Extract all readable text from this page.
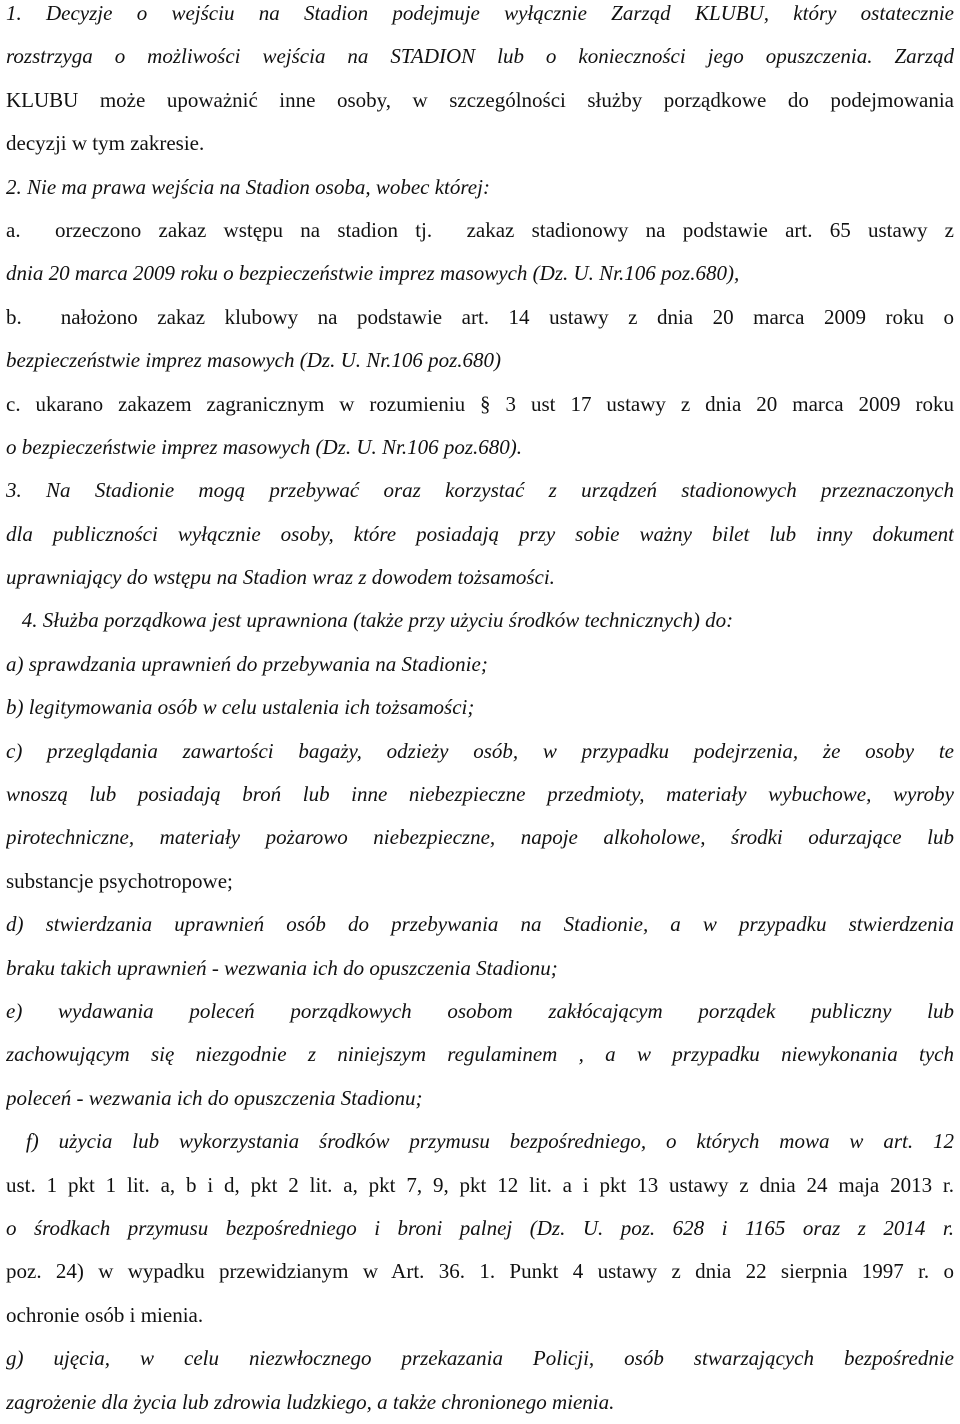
1. Decyzje o wejściu na Stadion podejmuje wyłącznie Zarząd KLUBU, który ostatecznie
rozstrzyga o możliwości wejścia na STADION lub o konieczności jego opuszczenia. Zarząd
KLUBU może upoważnić inne osoby, w szczególności służby porządkowe do podejmowania
decyzji w tym zakresie.
2. Nie ma prawa wejścia na Stadion osoba, wobec której:
a.  orzeczono zakaz wstępu na stadion tj.  zakaz stadionowy na podstawie art. 65 ustawy z
dnia 20 marca 2009 roku o bezpieczeństwie imprez masowych (Dz. U. Nr.106 poz.680),
b.  nałożono zakaz klubowy na podstawie art. 14 ustawy z dnia 20 marca 2009 roku o
bezpieczeństwie imprez masowych (Dz. U. Nr.106 poz.680)
c. ukarano zakazem zagranicznym w rozumieniu § 3 ust 17 ustawy z dnia 20 marca 2009 roku
o bezpieczeństwie imprez masowych (Dz. U. Nr.106 poz.680).
3. Na Stadionie mogą przebywać oraz korzystać z urządzeń stadionowych przeznaczonych
dla publiczności wyłącznie osoby, które posiadają przy sobie ważny bilet lub inny dokument
uprawniający do wstępu na Stadion wraz z dowodem tożsamości.
4. Służba porządkowa jest uprawniona (także przy użyciu środków technicznych) do:
a) sprawdzania uprawnień do przebywania na Stadionie;
b) legitymowania osób w celu ustalenia ich tożsamości;
c) przeglądania zawartości bagaży, odzieży osób, w przypadku podejrzenia, że osoby te
wnoszą lub posiadają broń lub inne niebezpieczne przedmioty, materiały wybuchowe, wyroby
pirotechniczne, materiały pożarowo niebezpieczne, napoje alkoholowe, środki odurzające lub
substancje psychotropowe;
d) stwierdzania uprawnień osób do przebywania na Stadionie, a w przypadku stwierdzenia
braku takich uprawnień - wezwania ich do opuszczenia Stadionu;
e) wydawania poleceń porządkowych osobom zakłócającym porządek publiczny lub
zachowującym się niezgodnie z niniejszym regulaminem , a w przypadku niewykonania tych
poleceń - wezwania ich do opuszczenia Stadionu;
f) użycia lub wykorzystania środków przymusu bezpośredniego, o których mowa w art. 12
ust. 1 pkt 1 lit. a, b i d, pkt 2 lit. a, pkt 7, 9, pkt 12 lit. a i pkt 13 ustawy z dnia 24 maja 2013 r.
o środkach przymusu bezpośredniego i broni palnej (Dz. U. poz. 628 i 1165 oraz z 2014 r.
poz. 24) w wypadku przewidzianym w Art. 36. 1. Punkt 4 ustawy z dnia 22 sierpnia 1997 r. o
ochronie osób i mienia.
g) ujęcia, w celu niezwłocznego przekazania Policji, osób stwarzających bezpośrednie
zagrożenie dla życia lub zdrowia ludzkiego, a także chronionego mienia.
